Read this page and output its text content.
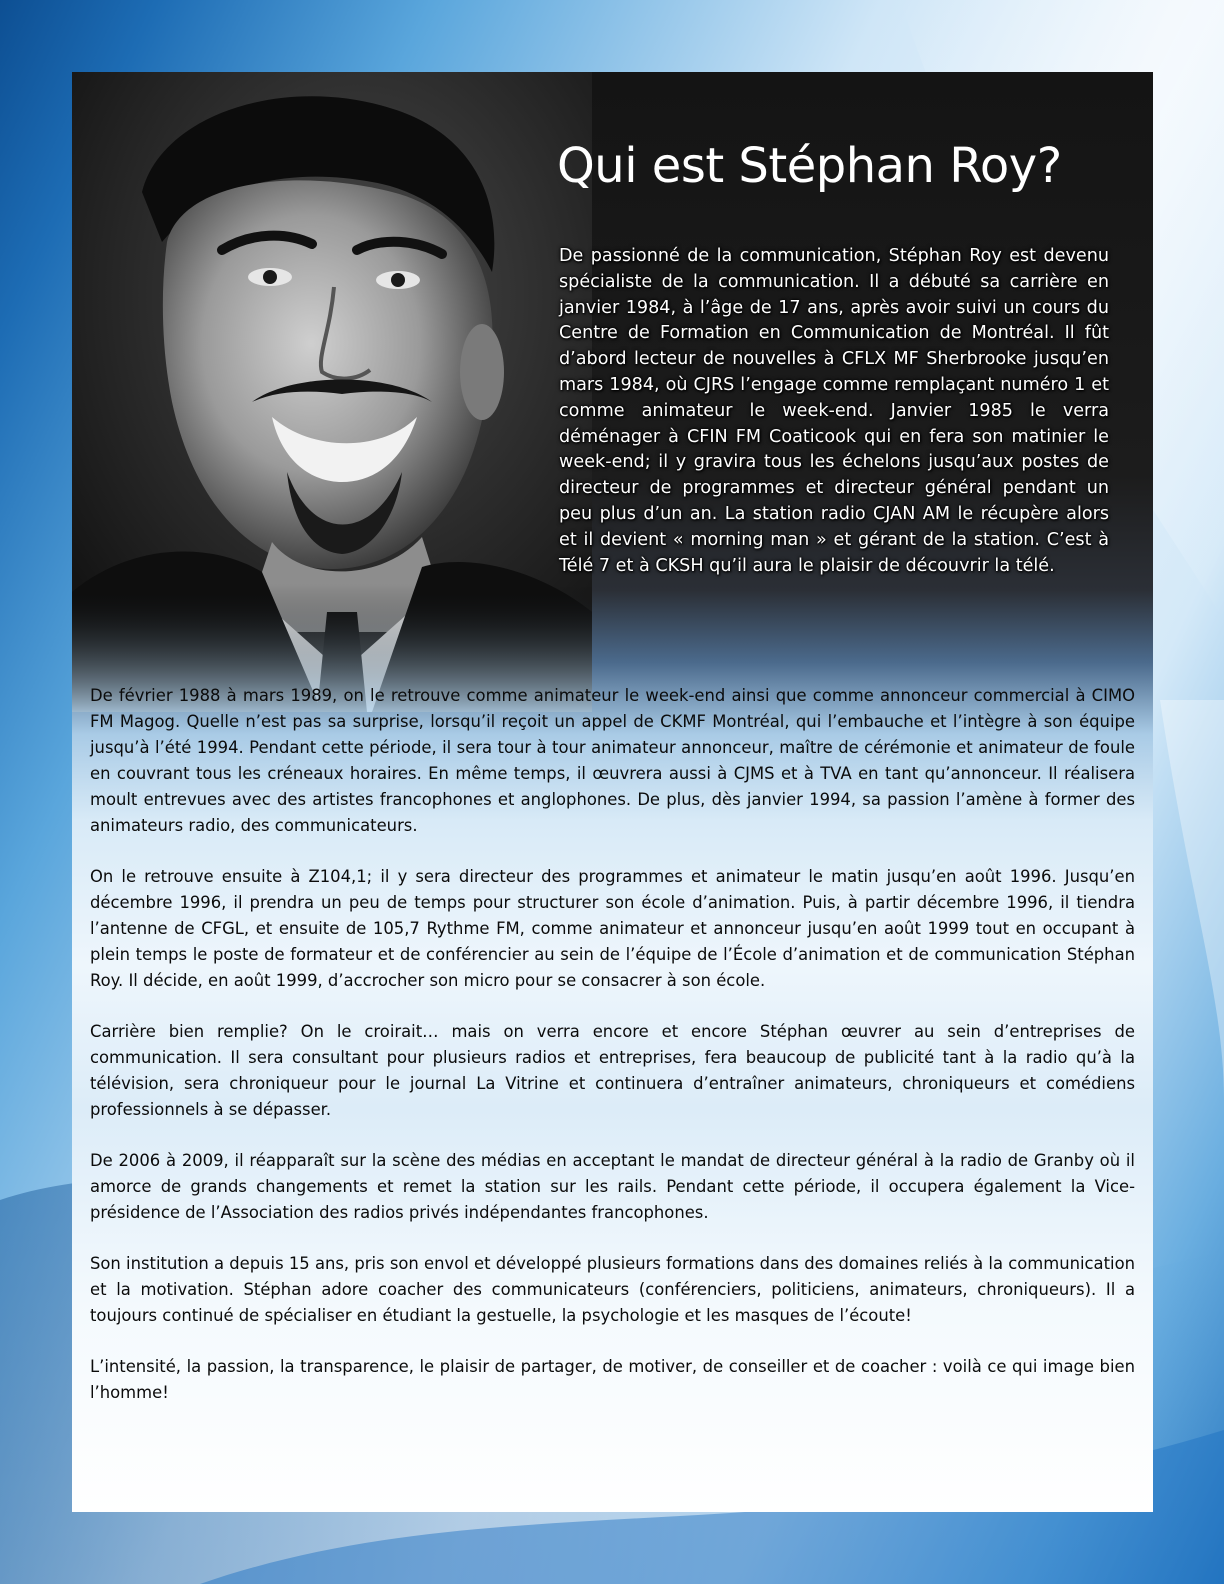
Qui est Stéphan Roy?

De passionné de la communication, Stéphan Roy est devenu spécialiste de la communication. Il a débuté sa carrière en janvier 1984, à l’âge de 17 ans, après avoir suivi un cours du Centre de Formation en Communication de Montréal. Il fût d’abord lecteur de nouvelles à CFLX MF Sherbrooke jusqu’en mars 1984, où CJRS l’engage comme remplaçant numéro 1 et comme animateur le week-end. Janvier 1985 le verra déménager à CFIN FM Coaticook qui en fera son matinier le week-end; il y gravira tous les échelons jusqu’aux postes de directeur de programmes et directeur général pendant un peu plus d’un an. La station radio CJAN AM le récupère alors et il devient « morning man » et gérant de la station. C’est à Télé 7 et à CKSH qu’il aura le plaisir de découvrir la télé.

De février 1988 à mars 1989, on le retrouve comme animateur le week-end ainsi que comme annonceur commercial à CIMO FM Magog. Quelle n’est pas sa surprise, lorsqu’il reçoit un appel de CKMF Montréal, qui l’embauche et l’intègre à son équipe jusqu’à l’été 1994. Pendant cette période, il sera tour à tour animateur annonceur, maître de cérémonie et animateur de foule en couvrant tous les créneaux horaires. En même temps, il œuvrera aussi à CJMS et à TVA en tant qu’annonceur. Il réalisera moult entrevues avec des artistes francophones et anglophones. De plus, dès janvier 1994, sa passion l’amène à former des animateurs radio, des communicateurs.

On le retrouve ensuite à Z104,1; il y sera directeur des programmes et animateur le matin jusqu’en août 1996. Jusqu’en décembre 1996, il prendra un peu de temps pour structurer son école d’animation. Puis, à partir décembre 1996, il tiendra l’antenne de CFGL, et ensuite de 105,7 Rythme FM, comme animateur et annonceur jusqu’en août 1999 tout en occupant à plein temps le poste de formateur et de conférencier au sein de l’équipe de l’École d’animation et de communication Stéphan Roy. Il décide, en août 1999, d’accrocher son micro pour se consacrer à son école.

Carrière bien remplie? On le croirait… mais on verra encore et encore Stéphan œuvrer au sein d’entreprises de communication. Il sera consultant pour plusieurs radios et entreprises, fera beaucoup de publicité tant à la radio qu’à la télévision, sera chroniqueur pour le journal La Vitrine et continuera d’entraîner animateurs, chroniqueurs et comédiens professionnels à se dépasser.

De 2006 à 2009, il réapparaît sur la scène des médias en acceptant le mandat de directeur général à la radio de Granby où il amorce de grands changements et remet la station sur les rails. Pendant cette période, il occupera également la Vice-présidence de l’Association des radios privés indépendantes francophones.

Son institution a depuis 15 ans, pris son envol et développé plusieurs formations dans des domaines reliés à la communication et la motivation. Stéphan adore coacher des communicateurs (conférenciers, politiciens, animateurs, chroniqueurs). Il a toujours continué de spécialiser en étudiant la gestuelle, la psychologie et les masques de l’écoute!

L’intensité, la passion, la transparence, le plaisir de partager, de motiver, de conseiller et de coacher : voilà ce qui image bien l’homme!
